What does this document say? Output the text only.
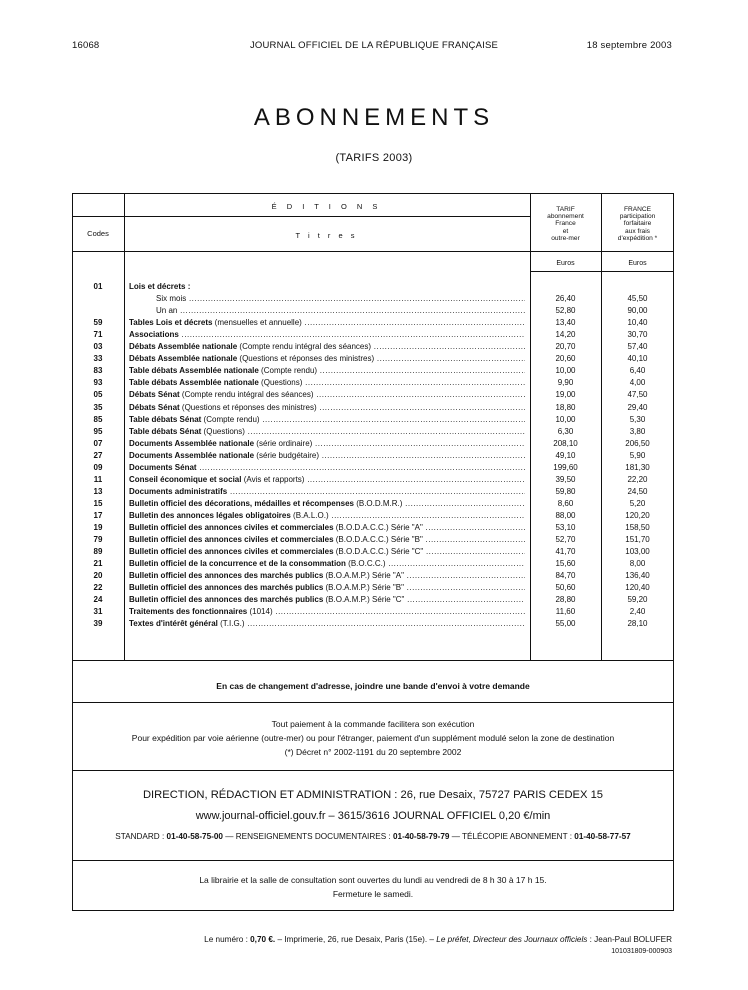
16068	JOURNAL OFFICIEL DE LA RÉPUBLIQUE FRANÇAISE	18 septembre 2003
ABONNEMENTS
(TARIFS 2003)
É D I T I O N S
Codes	T i t r e s
TARIF
abonnement
France
et
outre-mer
FRANCE
participation
forfaitaire
aux frais
d'expédition *
Euros	Euros
01	Lois et décrets :
Six mois .....	26,40	45,50
Un an .....	52,80	90,00
59	Tables Lois et décrets (mensuelles et annuelle) .....	13,40	10,40
71	Associations .....	14,20	30,70
03	Débats Assemblée nationale (Compte rendu intégral des séances) .....	20,70	57,40
33	Débats Assemblée nationale (Questions et réponses des ministres) .....	20,60	40,10
83	Table débats Assemblée nationale (Compte rendu) .....	10,00	6,40
93	Table débats Assemblée nationale (Questions) .....	9,90	4,00
05	Débats Sénat (Compte rendu intégral des séances) .....	19,00	47,50
35	Débats Sénat (Questions et réponses des ministres) .....	18,80	29,40
85	Table débats Sénat (Compte rendu) .....	10,00	5,30
95	Table débats Sénat (Questions) .....	6,30	3,80
07	Documents Assemblée nationale (série ordinaire) .....	208,10	206,50
27	Documents Assemblée nationale (série budgétaire) .....	49,10	5,90
09	Documents Sénat .....	199,60	181,30
11	Conseil économique et social (Avis et rapports) .....	39,50	22,20
13	Documents administratifs .....	59,80	24,50
15	Bulletin officiel des décorations, médailles et récompenses (B.O.D.M.R.) .....	8,60	5,20
17	Bulletin des annonces légales obligatoires (B.A.L.O.) .....	88,00	120,20
19	Bulletin officiel des annonces civiles et commerciales (B.O.D.A.C.C.) Série "A" .....	53,10	158,50
79	Bulletin officiel des annonces civiles et commerciales (B.O.D.A.C.C.) Série "B" .....	52,70	151,70
89	Bulletin officiel des annonces civiles et commerciales (B.O.D.A.C.C.) Série "C" .....	41,70	103,00
21	Bulletin officiel de la concurrence et de la consommation (B.O.C.C.) .....	15,60	8,00
20	Bulletin officiel des annonces des marchés publics (B.O.A.M.P.) Série "A" .....	84,70	136,40
22	Bulletin officiel des annonces des marchés publics (B.O.A.M.P.) Série "B" .....	50,60	120,40
24	Bulletin officiel des annonces des marchés publics (B.O.A.M.P.) Série "C" .....	28,80	59,20
31	Traitements des fonctionnaires (1014) .....	11,60	2,40
39	Textes d'intérêt général (T.I.G.) .....	55,00	28,10
En cas de changement d'adresse, joindre une bande d'envoi à votre demande
Tout paiement à la commande facilitera son exécution
Pour expédition par voie aérienne (outre-mer) ou pour l'étranger, paiement d'un supplément modulé selon la zone de destination
(*) Décret n° 2002-1191 du 20 septembre 2002
DIRECTION, RÉDACTION ET ADMINISTRATION : 26, rue Desaix, 75727 PARIS CEDEX 15
www.journal-officiel.gouv.fr – 3615/3616 JOURNAL OFFICIEL 0,20 €/min
STANDARD : 01-40-58-75-00 — RENSEIGNEMENTS DOCUMENTAIRES : 01-40-58-79-79 — TÉLÉCOPIE ABONNEMENT : 01-40-58-77-57
La librairie et la salle de consultation sont ouvertes du lundi au vendredi de 8 h 30 à 17 h 15.
Fermeture le samedi.
Le numéro : 0,70 €. – Imprimerie, 26, rue Desaix, Paris (15e). – Le préfet, Directeur des Journaux officiels : Jean-Paul BOLUFER
101031809-000903
